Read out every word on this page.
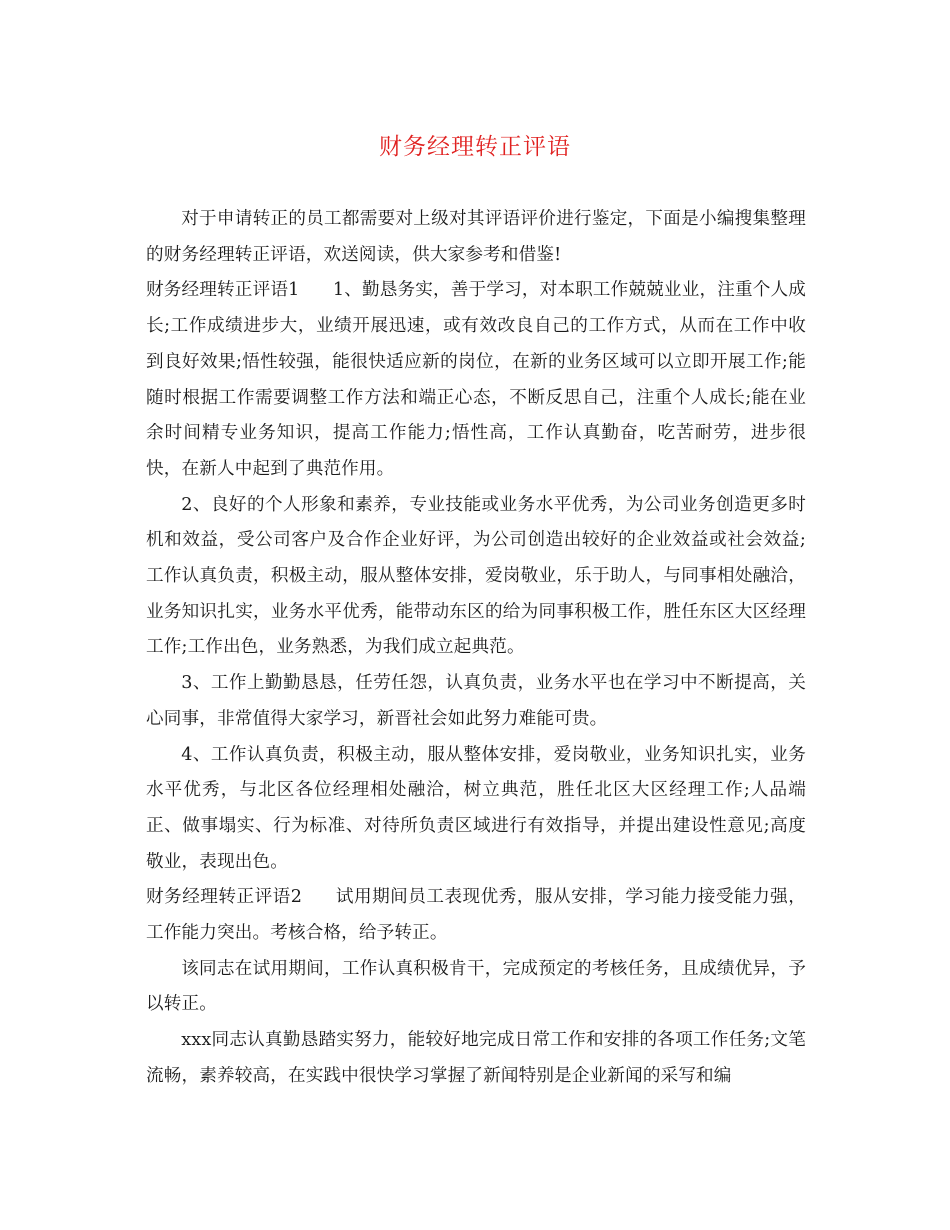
财务经理转正评语

对于申请转正的员工都需要对上级对其评语评价进行鉴定，下面是小编搜集整理的财务经理转正评语，欢送阅读，供大家参考和借鉴!

财务经理转正评语1 1、勤恳务实，善于学习，对本职工作兢兢业业，注重个人成长;工作成绩进步大，业绩开展迅速，或有效改良自己的工作方式，从而在工作中收到良好效果;悟性较强，能很快适应新的岗位，在新的业务区域可以立即开展工作;能随时根据工作需要调整工作方法和端正心态，不断反思自己，注重个人成长;能在业余时间精专业务知识，提高工作能力;悟性高，工作认真勤奋，吃苦耐劳，进步很快，在新人中起到了典范作用。

2、良好的个人形象和素养，专业技能或业务水平优秀，为公司业务创造更多时机和效益，受公司客户及合作企业好评，为公司创造出较好的企业效益或社会效益;工作认真负责，积极主动，服从整体安排，爱岗敬业，乐于助人，与同事相处融洽，业务知识扎实，业务水平优秀，能带动东区的给为同事积极工作，胜任东区大区经理工作;工作出色，业务熟悉，为我们成立起典范。

3、工作上勤勤恳恳，任劳任怨，认真负责，业务水平也在学习中不断提高，关心同事，非常值得大家学习，新晋社会如此努力难能可贵。

4、工作认真负责，积极主动，服从整体安排，爱岗敬业，业务知识扎实，业务水平优秀，与北区各位经理相处融洽，树立典范，胜任北区大区经理工作;人品端正、做事塌实、行为标准、对待所负责区域进行有效指导，并提出建设性意见;高度敬业，表现出色。

财务经理转正评语2 试用期间员工表现优秀，服从安排，学习能力接受能力强，工作能力突出。考核合格，给予转正。

该同志在试用期间，工作认真积极肯干，完成预定的考核任务，且成绩优异，予以转正。

xxx同志认真勤恳踏实努力，能较好地完成日常工作和安排的各项工作任务;文笔流畅，素养较高，在实践中很快学习掌握了新闻特别是企业新闻的采写和编
